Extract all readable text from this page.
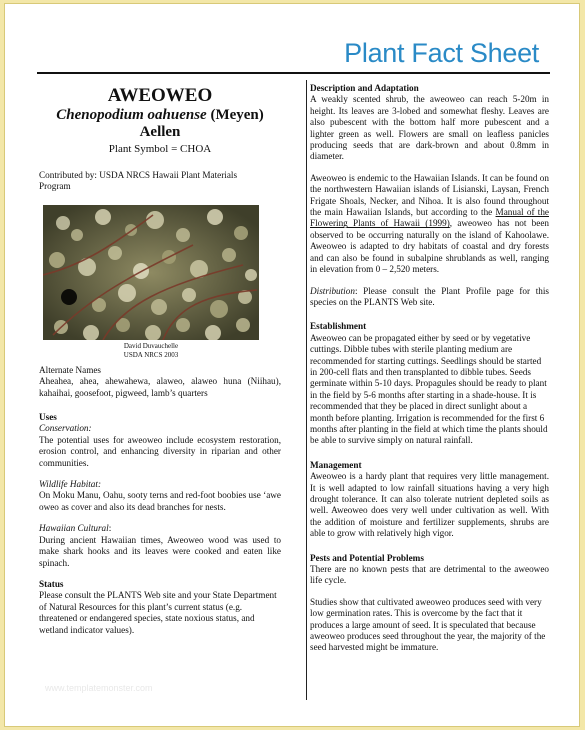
Plant Fact Sheet
AWEOWEO
Chenopodium oahuense (Meyen)
Aellen
Plant Symbol = CHOA
Contributed by: USDA NRCS Hawaii Plant Materials Program
David Duvauchelle
USDA NRCS 2003
Alternate Names

Aheahea, ahea, ahewahewa, alaweo, alaweo huna (Niihau), kahaihai, goosefoot, pigweed, lamb’s quarters

Uses
Conservation:

The potential uses for aweoweo include ecosystem restoration, erosion control, and enhancing diversity in riparian and other communities.

Wildlife Habitat:

On Moku Manu, Oahu, sooty terns and red-foot boobies use ‘awe​oweo as cover and also its dead branches for nests.

Hawaiian Cultural:

During ancient Hawaiian times, Aweoweo wood was used to make shark hooks and its leaves were cooked and eaten like spinach.

Status

Please consult the PLANTS Web site and your State Department of Natural Resources for this plant’s current status (e.g. threatened or endangered species, state noxious status, and wetland indicator values).

Description and Adaptation

A weakly scented shrub, the aweoweo can reach 5-20m in height. Its leaves are 3-lobed and somewhat fleshy. Leaves are also pubescent with the bottom half more pubescent and a lighter green as well. Flowers are small on leafless panicles producing seeds that are dark-brown and about 0.8mm in diameter.

Aweoweo is endemic to the Hawaiian Islands. It can be found on the northwestern Hawaiian islands of Lisianski, Laysan, French Frigate Shoals, Necker, and Nihoa. It is also found throughout the main Hawaiian Islands, but according to the Manual of the Flowering Plants of Hawaii (1999), aweoweo has not been observed to be occurring naturally on the island of Kahoolawe. Aweoweo is adapted to dry habitats of coastal and dry forests and can also be found in subalpine shrublands as well, ranging in elevation from 0 – 2,520 meters.

Distribution: Please consult the Plant Profile page for this species on the PLANTS Web site.

Establishment

Aweoweo can be propagated either by seed or by vegetative cuttings. Dibble tubes with sterile planting medium are recommended for starting cuttings. Seedlings should be started in 200-cell flats and then transplanted to dibble tubes. Seeds germinate within 5-10 days. Propagules should be ready to plant in the field by 5-6 months after starting in a shade-house. It is recommended that they be placed in direct sunlight about a month before planting. Irrigation is recommended for the first 6 months after planting in the field at which time the plants should be able to survive simply on natural rainfall.

Management

Aweoweo is a hardy plant that requires very little management. It is well adapted to low rainfall situations having a very high drought tolerance. It can also tolerate nutrient depleted soils as well. Aweoweo does very well under cultivation as well. With the addition of moisture and fertilizer supplements, shrubs are able to grow with relatively high vigor.

Pests and Potential Problems

There are no known pests that are detrimental to the aweoweo life cycle.

Studies show that cultivated aweoweo produces seed with very low germination rates. This is overcome by the fact that it produces a large amount of seed. It is speculated that because aweoweo produces seed throughout the year, the majority of the seed harvested might be immature.

www.templatemonster.com
